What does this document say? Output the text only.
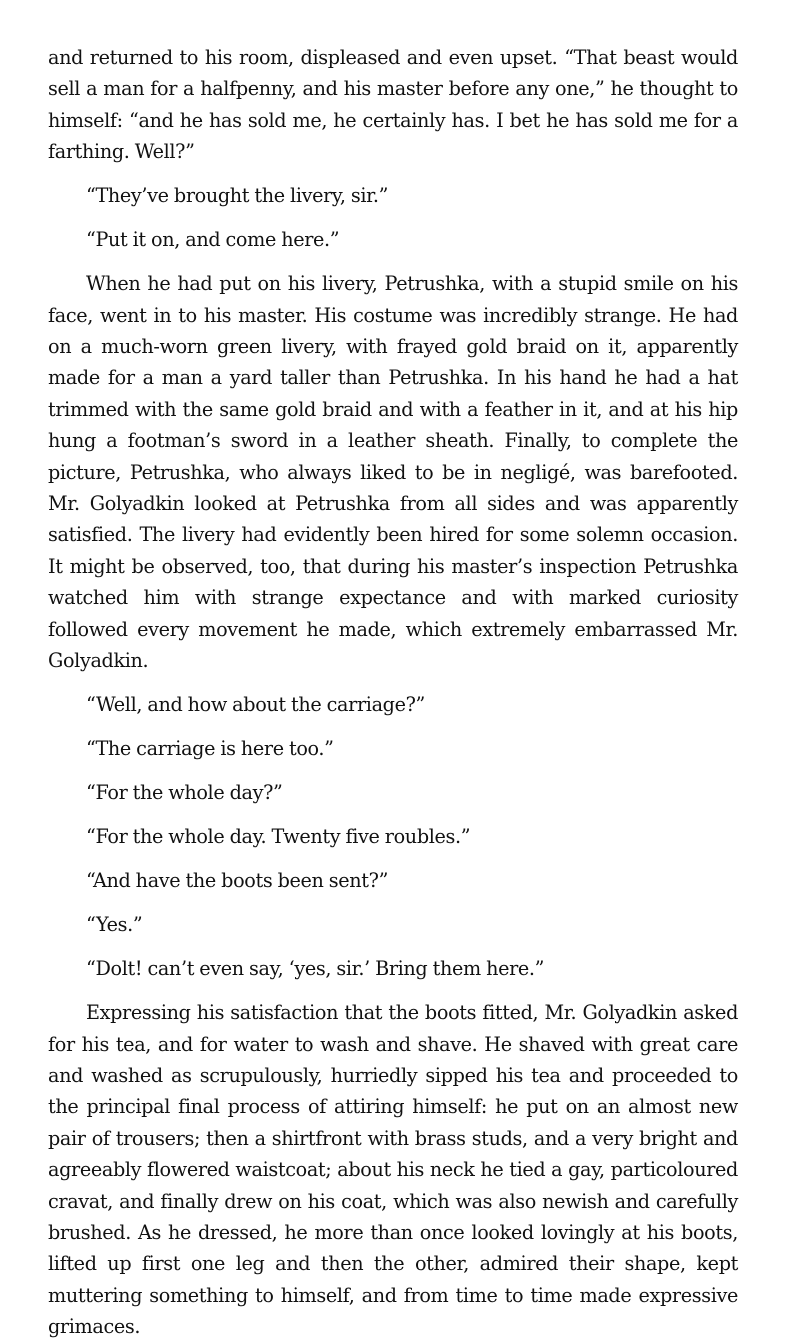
and returned to his room, displeased and even upset. “That beast would sell a man for a halfpenny, and his master before any one,” he thought to himself: “and he has sold me, he certainly has. I bet he has sold me for a farthing. Well?”

“They’ve brought the livery, sir.”

“Put it on, and come here.”

When he had put on his livery, Petrushka, with a stupid smile on his face, went in to his master. His costume was incredibly strange. He had on a much-worn green livery, with frayed gold braid on it, apparently made for a man a yard taller than Petrushka. In his hand he had a hat trimmed with the same gold braid and with a feather in it, and at his hip hung a footman’s sword in a leather sheath. Finally, to complete the picture, Petrushka, who always liked to be in negligé, was barefooted. Mr. Golyadkin looked at Petrushka from all sides and was apparently satisfied. The livery had evidently been hired for some solemn occasion. It might be observed, too, that during his master’s inspection Petrushka watched him with strange expectance and with marked curiosity followed every movement he made, which extremely embarrassed Mr. Golyadkin.

“Well, and how about the carriage?”

“The carriage is here too.”

“For the whole day?”

“For the whole day. Twenty five roubles.”

“And have the boots been sent?”

“Yes.”

“Dolt! can’t even say, ‘yes, sir.’ Bring them here.”

Expressing his satisfaction that the boots fitted, Mr. Golyadkin asked for his tea, and for water to wash and shave. He shaved with great care and washed as scrupulously, hurriedly sipped his tea and proceeded to the principal final process of attiring himself: he put on an almost new pair of trousers; then a shirtfront with brass studs, and a very bright and agreeably flowered waistcoat; about his neck he tied a gay, particoloured cravat, and finally drew on his coat, which was also newish and carefully brushed. As he dressed, he more than once looked lovingly at his boots, lifted up first one leg and then the other, admired their shape, kept muttering something to himself, and from time to time made expressive grimaces.
